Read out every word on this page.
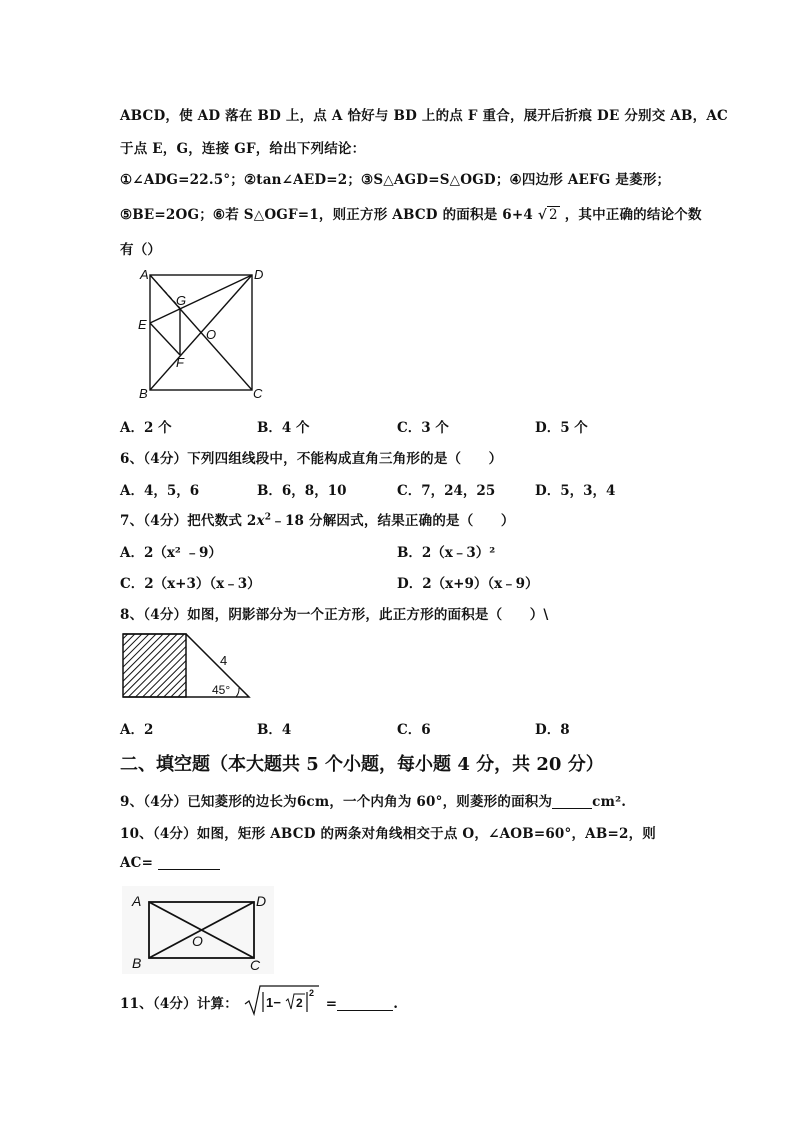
ABCD，使 AD 落在 BD 上，点 A 恰好与 BD 上的点 F 重合，展开后折痕 DE 分别交 AB，AC
于点 E，G，连接 GF，给出下列结论：
①∠ADG=22.5°；②tan∠AED=2；③S△AGD=S△OGD；④四边形 AEFG 是菱形；
⑤BE=2OG；⑥若 S△OGF=1，则正方形 ABCD 的面积是 6+4 √ 2 ，其中正确的结论个数
有（）
A	D
G
E
O
F
B	C
A．2 个	B．4 个	C．3 个	D．5 个
6、（4分）下列四组线段中，不能构成直角三角形的是（　　）
A．4，5，6	B．6，8，10	C．7，24，25	D．5，3，4
7、（4分）把代数式 $2x^2﹣18$ 分解因式，结果正确的是（　　）
A．2（x² ﹣9）	B．2（x﹣3）²
C．2（x+3）（x﹣3）	D．2（x+9）（x﹣9）
8、（4分）如图，阴影部分为一个正方形，此正方形的面积是（　　）\
4
45°
A．2	B．4	C．6	D．8
二、填空题（本大题共 5 个小题，每小题 4 分，共 20 分）
9、（4分）已知菱形的边长为6cm，一个内角为 60°，则菱形的面积为	cm².
10、（4分）如图，矩形 ABCD 的两条对角线相交于点 O，∠AOB=60°，AB=2，则
AC=
A	D
O
B	C
11、（4分）计算： 1− 2
2
=	.
